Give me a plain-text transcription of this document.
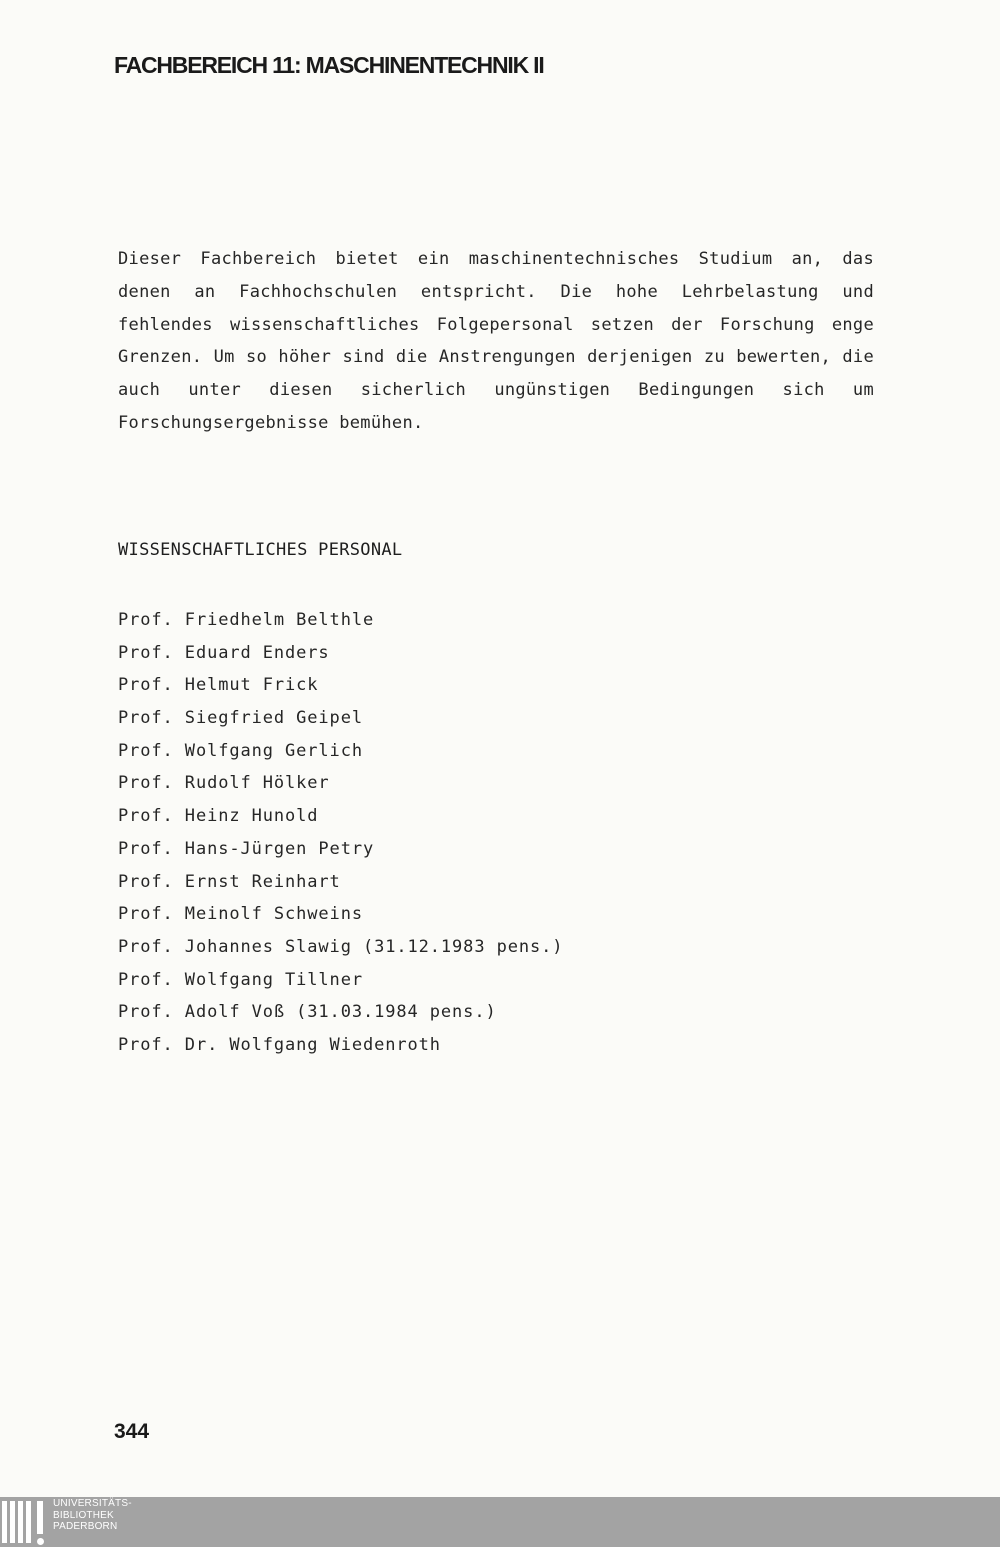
FACHBEREICH 11: MASCHINENTECHNIK II

Dieser Fachbereich bietet ein maschinentechnisches Studium an, das denen an Fachhochschulen entspricht. Die hohe Lehrbelastung und fehlendes wissenschaftliches Folgepersonal setzen der Forschung enge Grenzen. Um so höher sind die Anstrengungen derjenigen zu bewerten, die auch unter diesen sicherlich ungünstigen Bedingungen sich um Forschungsergebnisse bemühen.

WISSENSCHAFTLICHES PERSONAL
Prof. Friedhelm Belthle
Prof. Eduard Enders
Prof. Helmut Frick
Prof. Siegfried Geipel
Prof. Wolfgang Gerlich
Prof. Rudolf Hölker
Prof. Heinz Hunold
Prof. Hans-Jürgen Petry
Prof. Ernst Reinhart
Prof. Meinolf Schweins
Prof. Johannes Slawig (31.12.1983 pens.)
Prof. Wolfgang Tillner
Prof. Adolf Voß (31.03.1984 pens.)
Prof. Dr. Wolfgang Wiedenroth
344
UNIVERSITÄTS-
BIBLIOTHEK
PADERBORN
